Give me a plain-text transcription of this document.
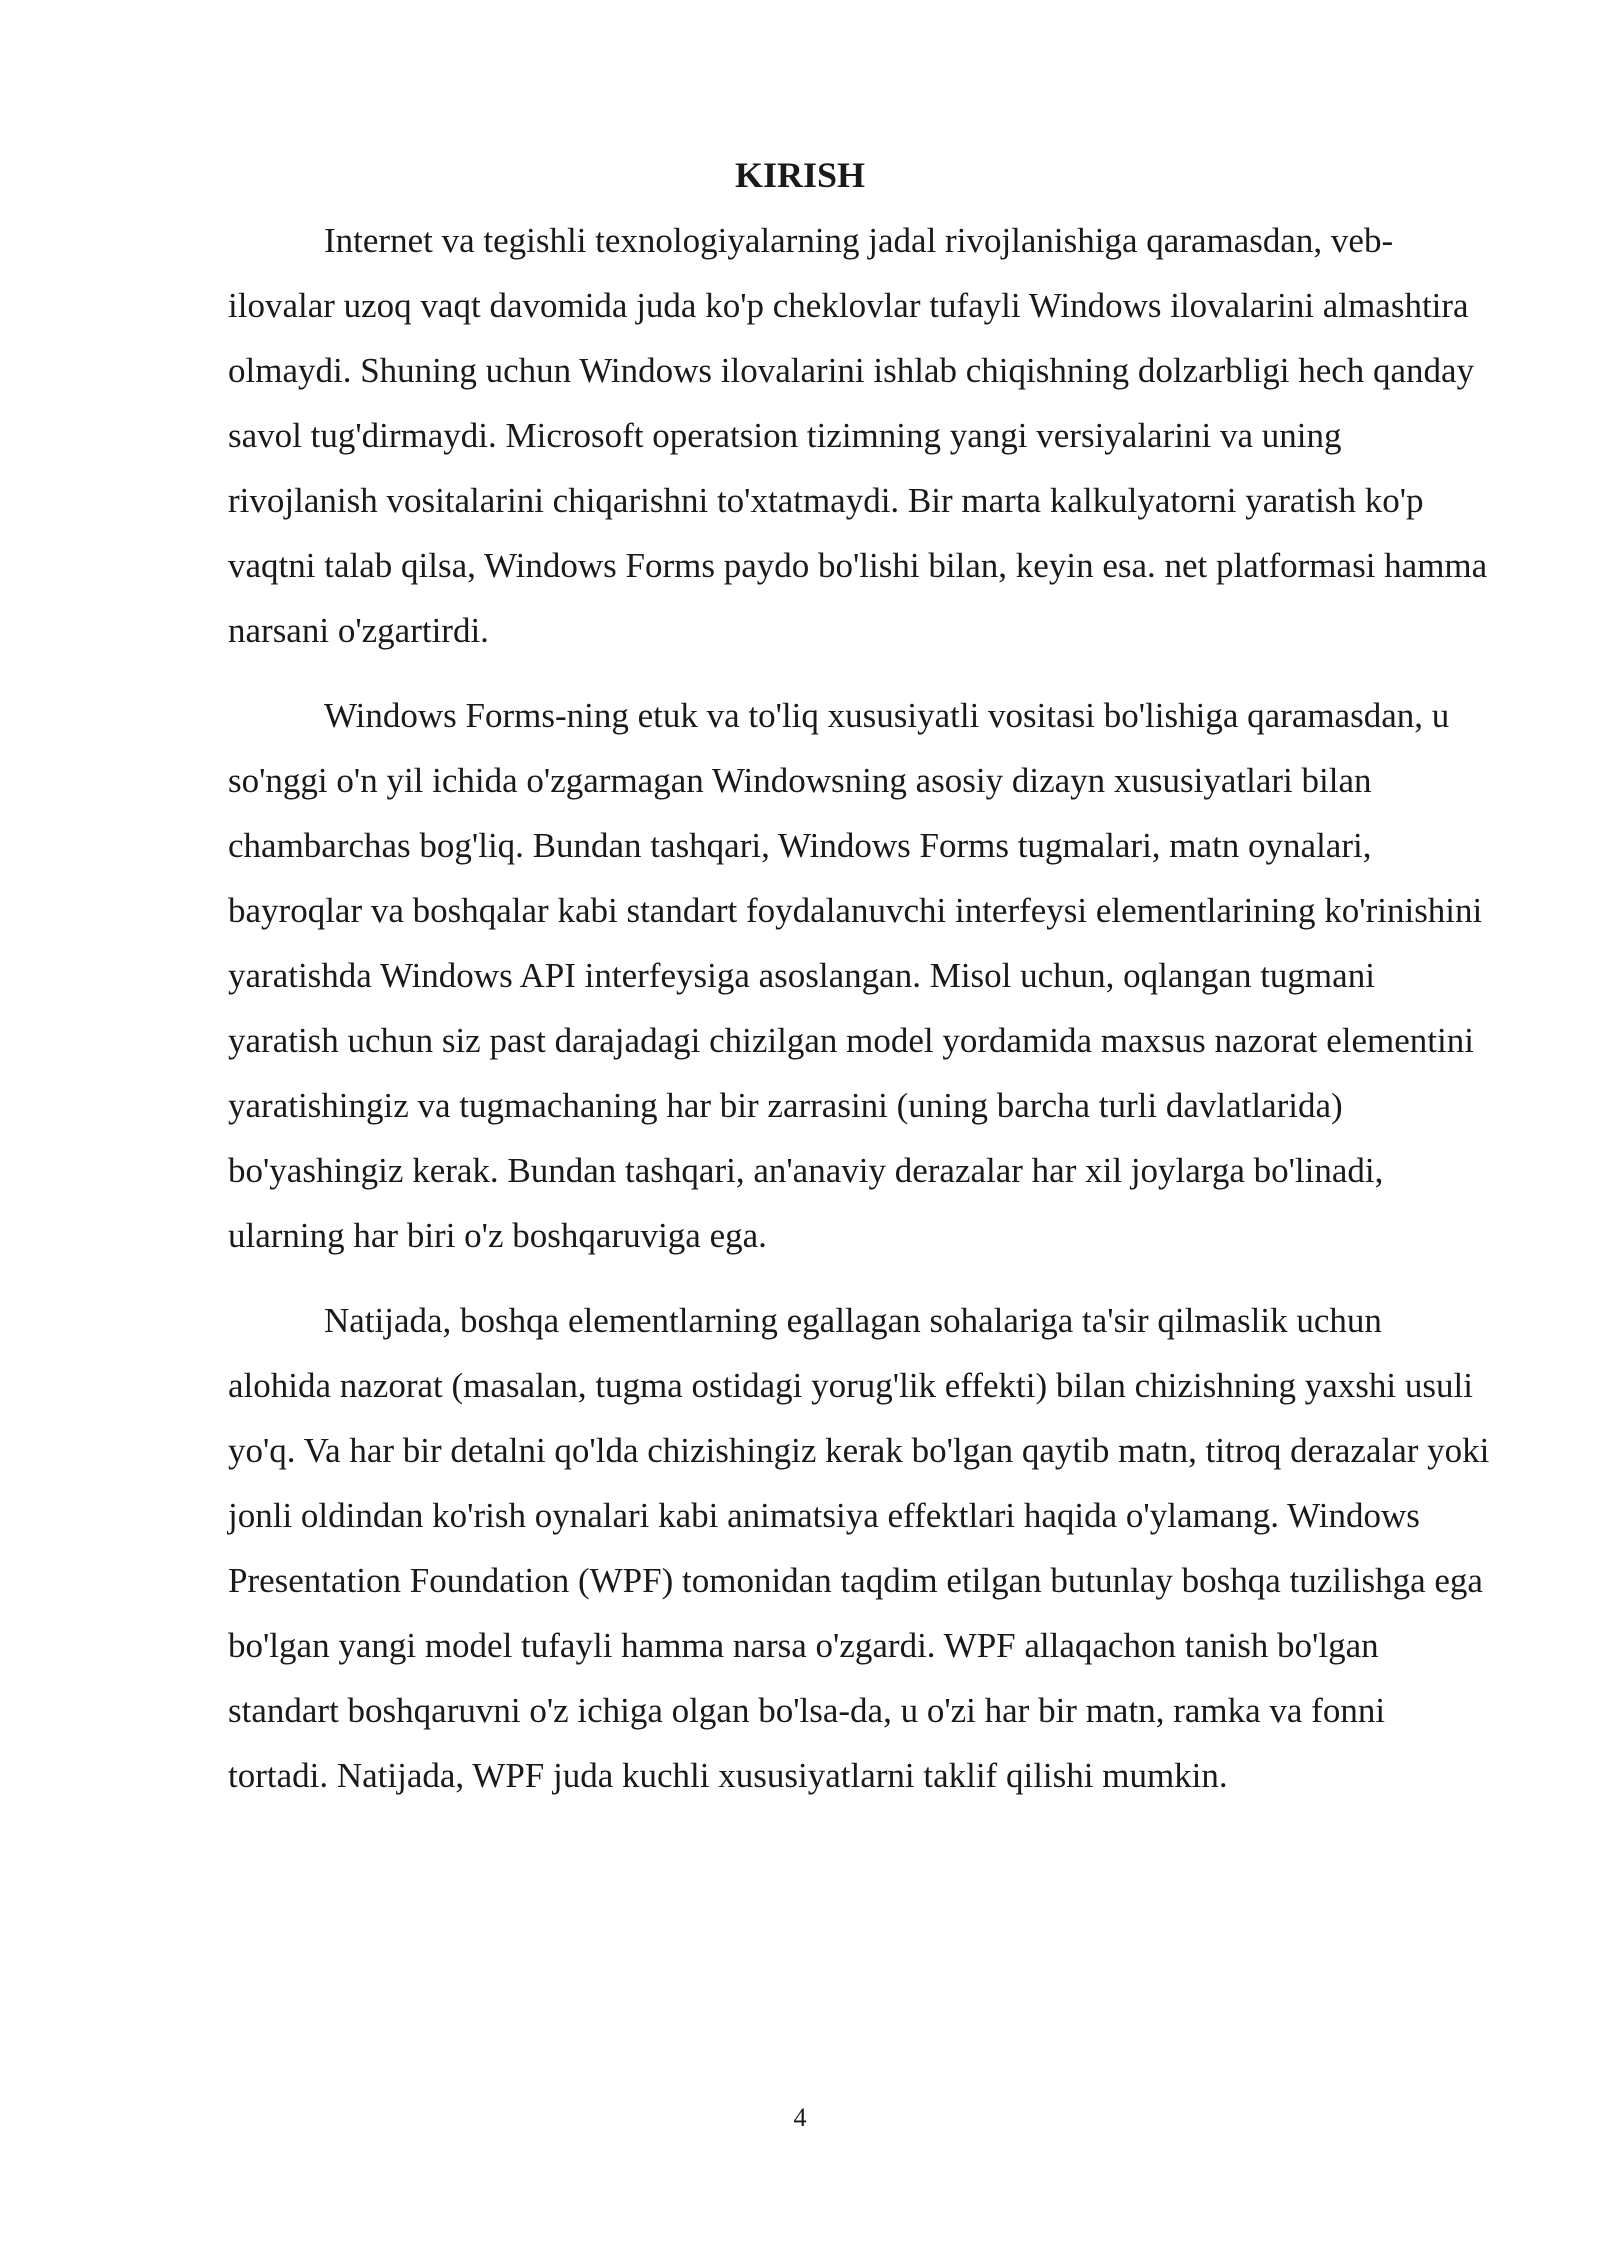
KIRISH

Internet va tegishli texnologiyalarning jadal rivojlanishiga qaramasdan, veb-ilovalar uzoq vaqt davomida juda ko'p cheklovlar tufayli Windows ilovalarini almashtira olmaydi. Shuning uchun Windows ilovalarini ishlab chiqishning dolzarbligi hech qanday savol tug'dirmaydi. Microsoft operatsion tizimning yangi versiyalarini va uning rivojlanish vositalarini chiqarishni to'xtatmaydi. Bir marta kalkulyatorni yaratish ko'p vaqtni talab qilsa, Windows Forms paydo bo'lishi bilan, keyin esa. net platformasi hamma narsani o'zgartirdi.

Windows Forms-ning etuk va to'liq xususiyatli vositasi bo'lishiga qaramasdan, u so'nggi o'n yil ichida o'zgarmagan Windowsning asosiy dizayn xususiyatlari bilan chambarchas bog'liq. Bundan tashqari, Windows Forms tugmalari, matn oynalari, bayroqlar va boshqalar kabi standart foydalanuvchi interfeysi elementlarining ko'rinishini yaratishda Windows API interfeysiga asoslangan. Misol uchun, oqlangan tugmani yaratish uchun siz past darajadagi chizilgan model yordamida maxsus nazorat elementini yaratishingiz va tugmachaning har bir zarrasini (uning barcha turli davlatlarida) bo'yashingiz kerak. Bundan tashqari, an'anaviy derazalar har xil joylarga bo'linadi, ularning har biri o'z boshqaruviga ega.

Natijada, boshqa elementlarning egallagan sohalariga ta'sir qilmaslik uchun alohida nazorat (masalan, tugma ostidagi yorug'lik effekti) bilan chizishning yaxshi usuli yo'q. Va har bir detalni qo'lda chizishingiz kerak bo'lgan qaytib matn, titroq derazalar yoki jonli oldindan ko'rish oynalari kabi animatsiya effektlari haqida o'ylamang. Windows Presentation Foundation (WPF) tomonidan taqdim etilgan butunlay boshqa tuzilishga ega bo'lgan yangi model tufayli hamma narsa o'zgardi. WPF allaqachon tanish bo'lgan standart boshqaruvni o'z ichiga olgan bo'lsa-da, u o'zi har bir matn, ramka va fonni tortadi. Natijada, WPF juda kuchli xususiyatlarni taklif qilishi mumkin.

4
